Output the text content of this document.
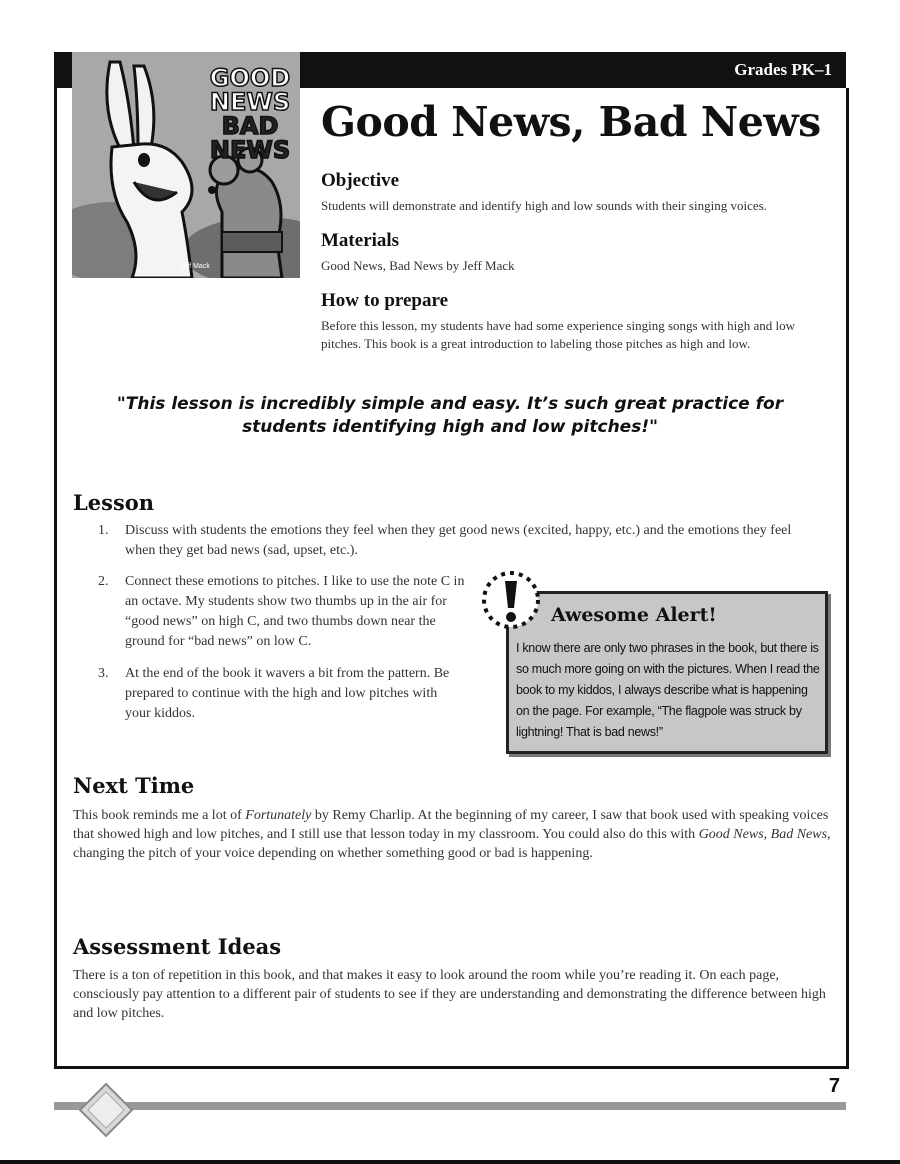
Grades PK–1
GOOD
NEWS
BAD
NEWS
Jeff Mack
Good News, Bad News
Objective

Students will demonstrate and identify high and low sounds with their singing voices.

Materials

Good News, Bad News by Jeff Mack

How to prepare

Before this lesson, my students have had some experience singing songs with high and low pitches. This book is a great introduction to labeling those pitches as high and low.

"This lesson is incredibly simple and easy. It’s such great practice for students identifying high and low pitches!"

Lesson
1. Discuss with students the emotions they feel when they get good news (excited, happy, etc.) and the emotions they feel when they get bad news (sad, upset, etc.).
2. Connect these emotions to pitches. I like to use the note C in an octave. My students show two thumbs up in the air for “good news” on high C, and two thumbs down near the ground for “bad news” on low C.
3. At the end of the book it wavers a bit from the pattern. Be prepared to continue with the high and low pitches with your kiddos.
Awesome Alert!

I know there are only two phrases in the book, but there is so much more going on with the pictures. When I read the book to my kiddos, I always describe what is happening on the page. For example, “The flagpole was struck by lightning! That is bad news!”

Next Time

This book reminds me a lot of Fortunately by Remy Charlip. At the beginning of my career, I saw that book used with speaking voices that showed high and low pitches, and I still use that lesson today in my classroom. You could also do this with Good News, Bad News, changing the pitch of your voice depending on whether something good or bad is happening.

Assessment Ideas

There is a ton of repetition in this book, and that makes it easy to look around the room while you’re reading it. On each page, consciously pay attention to a different pair of students to see if they are understanding and demonstrating the difference between high and low pitches.

7
